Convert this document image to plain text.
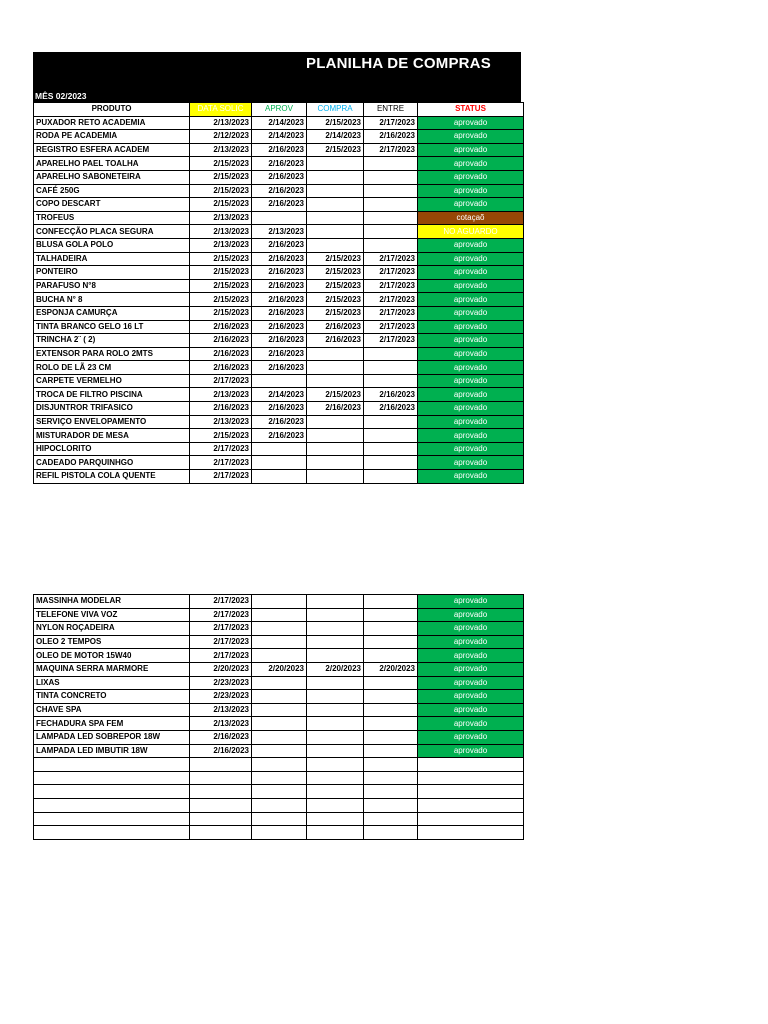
PLANILHA DE COMPRAS
MÊS 02/2023
PRODUTO	DATA SOLIC	APROV	COMPRA	ENTRE	STATUS
PUXADOR RETO ACADEMIA	2/13/2023	2/14/2023	2/15/2023	2/17/2023	aprovado
RODA PE ACADEMIA	2/12/2023	2/14/2023	2/14/2023	2/16/2023	aprovado
REGISTRO ESFERA ACADEM	2/13/2023	2/16/2023	2/15/2023	2/17/2023	aprovado
APARELHO PAEL TOALHA	2/15/2023	2/16/2023			aprovado
APARELHO SABONETEIRA	2/15/2023	2/16/2023			aprovado
CAFÉ 250G	2/15/2023	2/16/2023			aprovado
COPO DESCART	2/15/2023	2/16/2023			aprovado
TROFEUS	2/13/2023				cotaçaõ
CONFECÇÃO PLACA SEGURA	2/13/2023	2/13/2023			NO AGUARDO
BLUSA GOLA POLO	2/13/2023	2/16/2023			aprovado
TALHADEIRA	2/15/2023	2/16/2023	2/15/2023	2/17/2023	aprovado
PONTEIRO	2/15/2023	2/16/2023	2/15/2023	2/17/2023	aprovado
PARAFUSO N°8	2/15/2023	2/16/2023	2/15/2023	2/17/2023	aprovado
BUCHA N° 8	2/15/2023	2/16/2023	2/15/2023	2/17/2023	aprovado
ESPONJA CAMURÇA	2/15/2023	2/16/2023	2/15/2023	2/17/2023	aprovado
TINTA BRANCO GELO 16 LT	2/16/2023	2/16/2023	2/16/2023	2/17/2023	aprovado
TRINCHA 2¨ ( 2)	2/16/2023	2/16/2023	2/16/2023	2/17/2023	aprovado
EXTENSOR PARA ROLO 2MTS	2/16/2023	2/16/2023			aprovado
ROLO DE LÃ 23 CM	2/16/2023	2/16/2023			aprovado
CARPETE VERMELHO	2/17/2023				aprovado
TROCA DE FILTRO PISCINA	2/13/2023	2/14/2023	2/15/2023	2/16/2023	aprovado
DISJUNTROR TRIFASICO	2/16/2023	2/16/2023	2/16/2023	2/16/2023	aprovado
SERVIÇO ENVELOPAMENTO	2/13/2023	2/16/2023			aprovado
MISTURADOR DE MESA	2/15/2023	2/16/2023			aprovado
HIPOCLORITO	2/17/2023				aprovado
CADEADO PARQUINHGO	2/17/2023				aprovado
REFIL PISTOLA COLA QUENTE	2/17/2023				aprovado
MASSINHA MODELAR	2/17/2023				aprovado
TELEFONE VIVA VOZ	2/17/2023				aprovado
NYLON ROÇADEIRA	2/17/2023				aprovado
OLEO 2 TEMPOS	2/17/2023				aprovado
OLEO DE MOTOR 15W40	2/17/2023				aprovado
MAQUINA SERRA MARMORE	2/20/2023	2/20/2023	2/20/2023	2/20/2023	aprovado
LIXAS	2/23/2023				aprovado
TINTA CONCRETO	2/23/2023				aprovado
CHAVE SPA	2/13/2023				aprovado
FECHADURA SPA FEM	2/13/2023				aprovado
LAMPADA LED SOBREPOR 18W	2/16/2023				aprovado
LAMPADA LED IMBUTIR 18W	2/16/2023				aprovado
